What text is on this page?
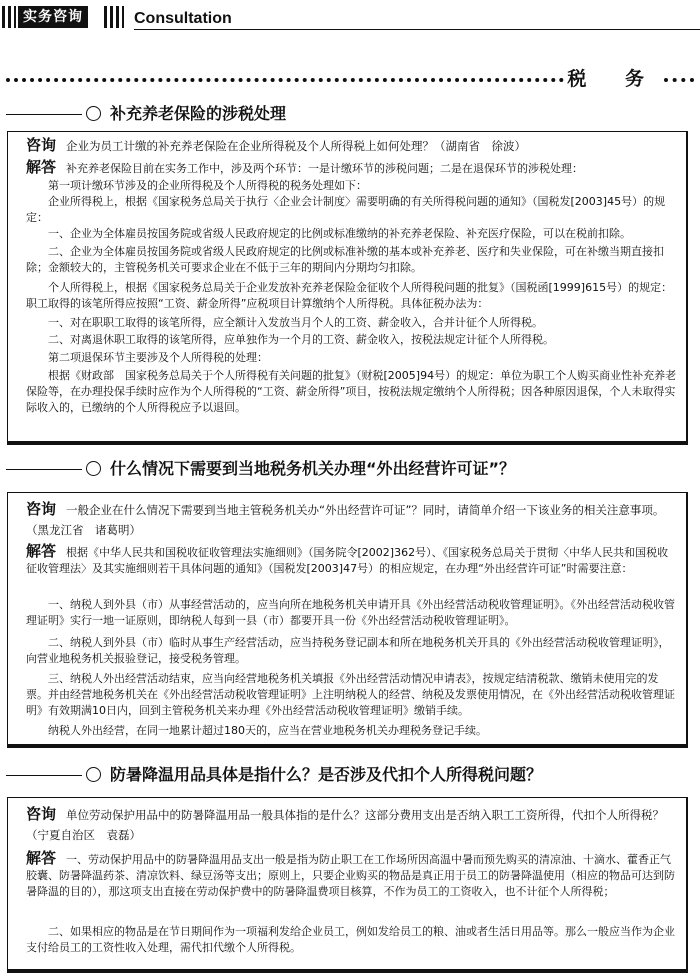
实务咨询	Consultation
税 务
补充养老保险的涉税处理
咨询 企业为员工计缴的补充养老保险在企业所得税及个人所得税上如何处理？（湖南省　徐波）
解答 补充养老保险目前在实务工作中，涉及两个环节：一是计缴环节的涉税问题；二是在退保环节的涉税处理：
第一项计缴环节涉及的企业所得税及个人所得税的税务处理如下：
企业所得税上，根据《国家税务总局关于执行〈企业会计制度〉需要明确的有关所得税问题的通知》（国税发[2003]45号）的规定：
一、企业为全体雇员按国务院或省级人民政府规定的比例或标准缴纳的补充养老保险、补充医疗保险，可以在税前扣除。
二、企业为全体雇员按国务院或省级人民政府规定的比例或标准补缴的基本或补充养老、医疗和失业保险，可在补缴当期直接扣除；金额较大的，主管税务机关可要求企业在不低于三年的期间内分期均匀扣除。
个人所得税上，根据《国家税务总局关于企业发放补充养老保险金征收个人所得税问题的批复》（国税函[1999]615号）的规定：职工取得的该笔所得应按照“工资、薪金所得”应税项目计算缴纳个人所得税。具体征税办法为：
一、对在职职工取得的该笔所得，应全额计入发放当月个人的工资、薪金收入，合并计征个人所得税。
二、对离退休职工取得的该笔所得，应单独作为一个月的工资、薪金收入，按税法规定计征个人所得税。
第二项退保环节主要涉及个人所得税的处理：
根据《财政部　国家税务总局关于个人所得税有关问题的批复》（财税[2005]94号）的规定：单位为职工个人购买商业性补充养老保险等，在办理投保手续时应作为个人所得税的“工资、薪金所得”项目，按税法规定缴纳个人所得税；因各种原因退保，个人未取得实际收入的，已缴纳的个人所得税应予以退回。
什么情况下需要到当地税务机关办理“外出经营许可证”？
咨询 一般企业在什么情况下需要到当地主管税务机关办“外出经营许可证”？同时，请简单介绍一下该业务的相关注意事项。（黑龙江省　诸葛明）
解答 根据《中华人民共和国税收征收管理法实施细则》（国务院令[2002]362号）、《国家税务总局关于贯彻〈中华人民共和国税收征收管理法〉及其实施细则若干具体问题的通知》（国税发[2003]47号）的相应规定，在办理“外出经营许可证”时需要注意：
一、纳税人到外县（市）从事经营活动的，应当向所在地税务机关申请开具《外出经营活动税收管理证明》。《外出经营活动税收管理证明》实行一地一证原则，即纳税人每到一县（市）都要开具一份《外出经营活动税收管理证明》。
二、纳税人到外县（市）临时从事生产经营活动，应当持税务登记副本和所在地税务机关开具的《外出经营活动税收管理证明》，向营业地税务机关报验登记，接受税务管理。
三、纳税人外出经营活动结束，应当向经营地税务机关填报《外出经营活动情况申请表》，按规定结清税款、缴销未使用完的发票。并由经营地税务机关在《外出经营活动税收管理证明》上注明纳税人的经营、纳税及发票使用情况，在《外出经营活动税收管理证明》有效期满10日内，回到主管税务机关来办理《外出经营活动税收管理证明》缴销手续。
纳税人外出经营，在同一地累计超过180天的，应当在营业地税务机关办理税务登记手续。
防暑降温用品具体是指什么？是否涉及代扣个人所得税问题？
咨询 单位劳动保护用品中的防暑降温用品一般具体指的是什么？这部分费用支出是否纳入职工工资所得，代扣个人所得税？（宁夏自治区　袁磊）
解答 一、劳动保护用品中的防暑降温用品支出一般是指为防止职工在工作场所因高温中暑而预先购买的清凉油、十滴水、藿香正气胶囊、防暑降温药茶、清凉饮料、绿豆汤等支出；原则上，只要企业购买的物品是真正用于员工的防暑降温使用（相应的物品可达到防暑降温的目的），那这项支出直接在劳动保护费中的防暑降温费项目核算，不作为员工的工资收入，也不计征个人所得税；
二、如果相应的物品是在节日期间作为一项福利发给企业员工，例如发给员工的粮、油或者生活日用品等。那么一般应当作为企业支付给员工的工资性收入处理，需代扣代缴个人所得税。
